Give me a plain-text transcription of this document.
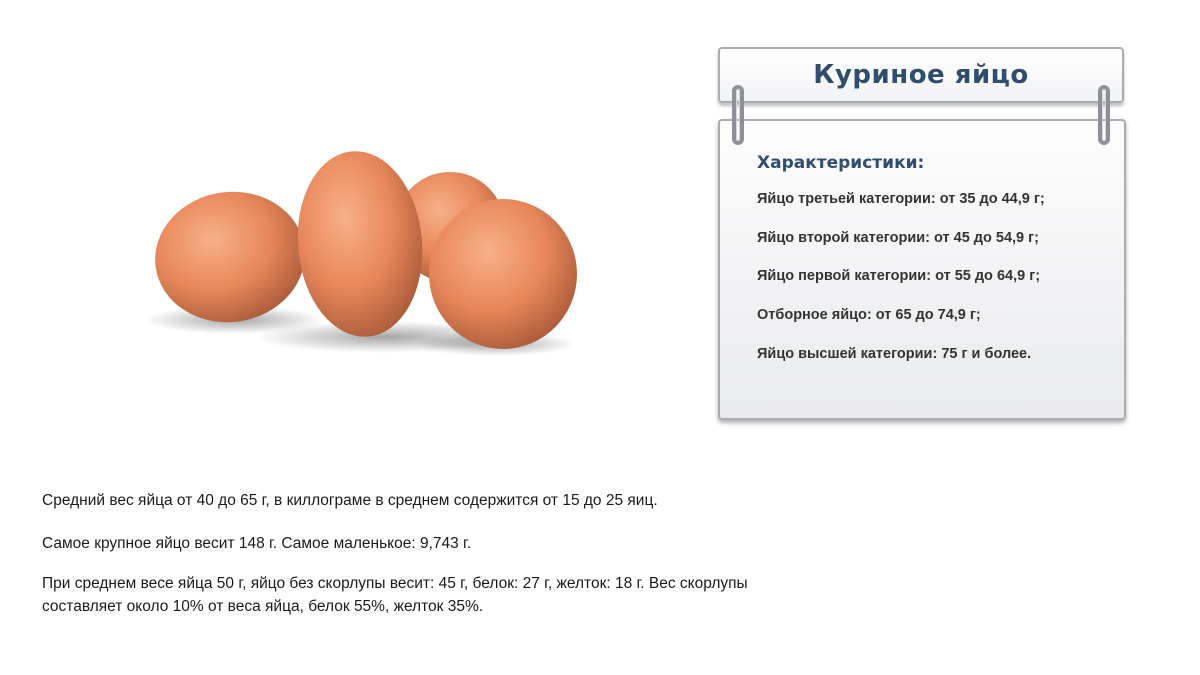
Куриное яйцо
Характеристики:
Яйцо третьей категории: от 35 до 44,9 г;
Яйцо второй категории: от 45 до 54,9 г;
Яйцо первой категории: от 55 до 64,9 г;
Отборное яйцо: от 65 до 74,9 г;
Яйцо высшей категории: 75 г и более.
Средний вес яйца от 40 до 65 г, в киллограме в среднем содержится от 15 до 25 яиц.
Самое крупное яйцо весит 148 г. Самое маленькое: 9,743 г.
При среднем весе яйца 50 г, яйцо без скорлупы весит: 45 г, белок: 27 г, желток: 18 г. Вес скорлупы
составляет около 10% от веса яйца, белок 55%, желток 35%.
